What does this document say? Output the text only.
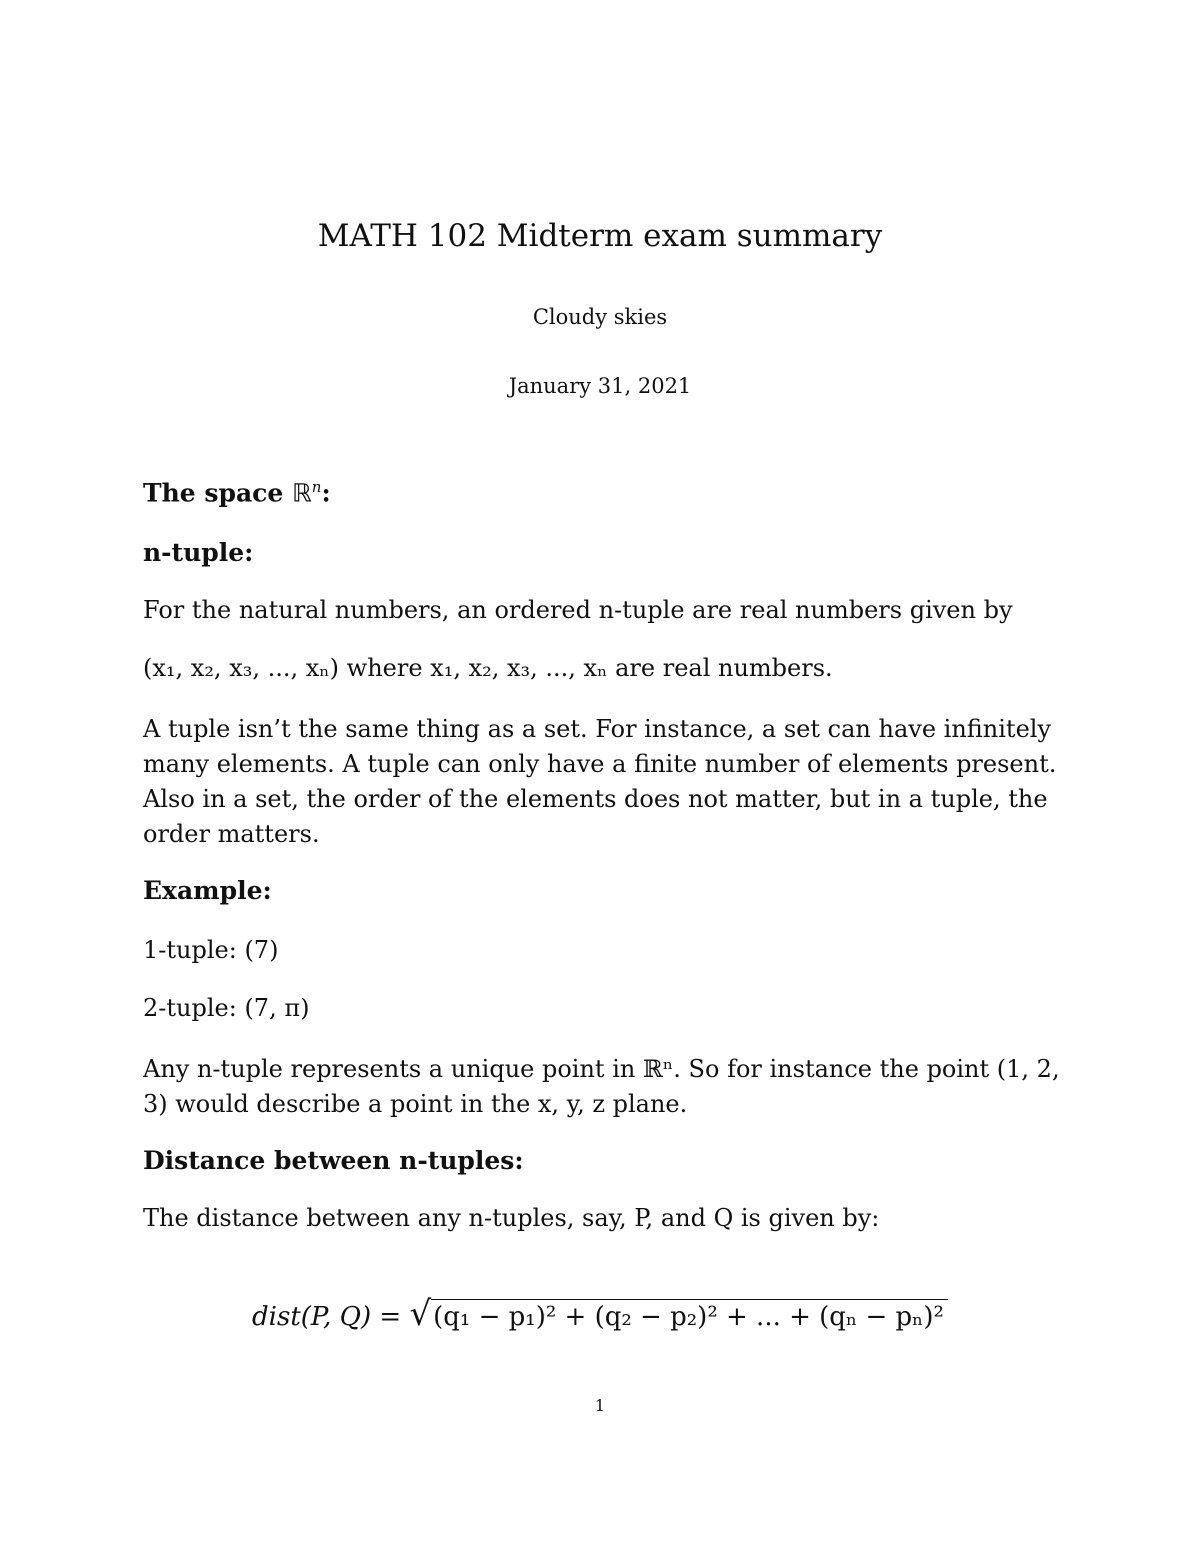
MATH 102 Midterm exam summary
Cloudy skies
January 31, 2021
The space ℝ$^n$:
n-tuple:
For the natural numbers, an ordered n-tuple are real numbers given by
(x₁, x₂, x₃, ..., xₙ) where x₁, x₂, x₃, ..., xₙ are real numbers.
A tuple isn’t the same thing as a set. For instance, a set can have infinitely many elements. A tuple can only have a finite number of elements present. Also in a set, the order of the elements does not matter, but in a tuple, the order matters.
Example:
1-tuple: (7)
2-tuple: (7, π)
Any n-tuple represents a unique point in ℝⁿ. So for instance the point (1, 2, 3) would describe a point in the x, y, z plane.
Distance between n-tuples:
The distance between any n-tuples, say, P, and Q is given by:
dist(P, Q) = √(q₁ − p₁)² + (q₂ − p₂)² + ... + (qₙ − pₙ)²
1
